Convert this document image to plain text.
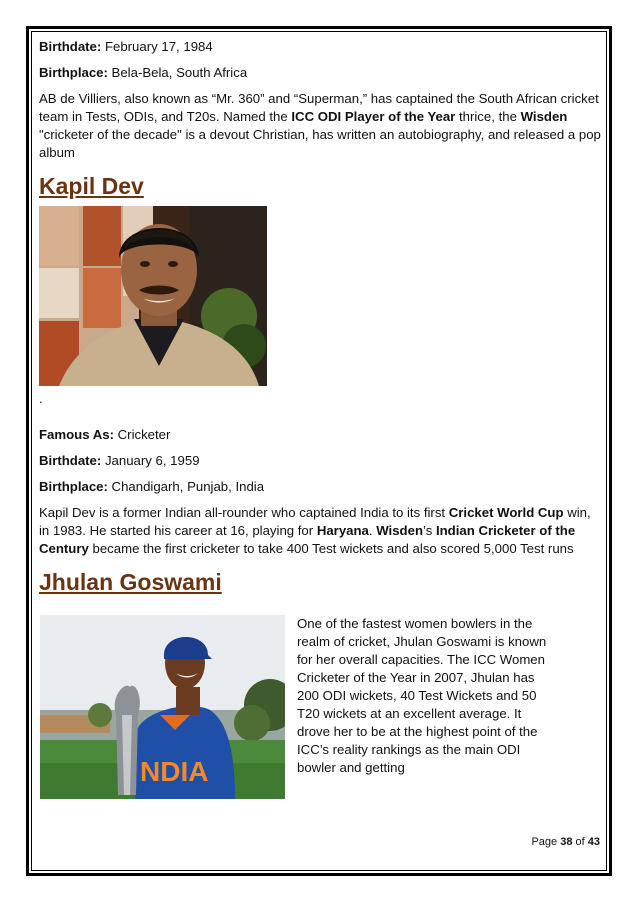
Birthdate: February 17, 1984

Birthplace: Bela-Bela, South Africa

AB de Villiers, also known as “Mr. 360” and “Superman,” has captained the South African cricket team in Tests, ODIs, and T20s. Named the ICC ODI Player of the Year thrice, the Wisden "cricketer of the decade" is a devout Christian, has written an autobiography, and released a pop album

Kapil Dev

.

Famous As: Cricketer

Birthdate: January 6, 1959

Birthplace: Chandigarh, Punjab, India

Kapil Dev is a former Indian all-rounder who captained India to its first Cricket World Cup win, in 1983. He started his career at 16, playing for Haryana. Wisden’s Indian Cricketer of the Century became the first cricketer to take 400 Test wickets and also scored 5,000 Test runs

Jhulan Goswami
NDIA

One of the fastest women bowlers in the realm of cricket, Jhulan Goswami is known for her overall capacities. The ICC Women Cricketer of the Year in 2007, Jhulan has 200 ODI wickets, 40 Test Wickets and 50 T20 wickets at an excellent average. It drove her to be at the highest point of the ICC’s reality rankings as the main ODI bowler and getting

Page 38 of 43
